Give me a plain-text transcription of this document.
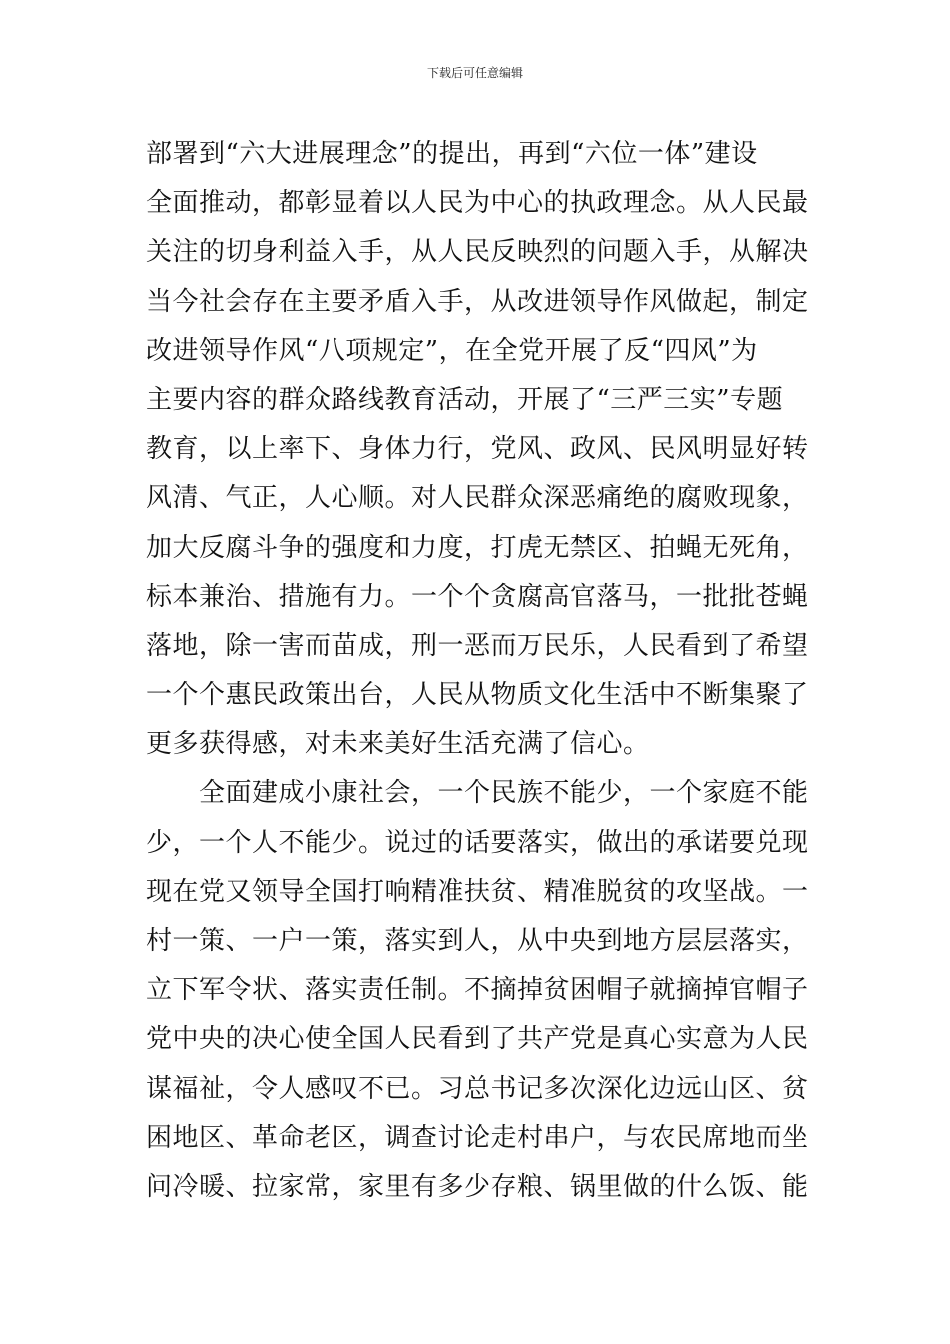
下载后可任意编辑
部署到“六大进展理念”的提出，再到“六位一体”建设
全面推动，都彰显着以人民为中心的执政理念。从人民最
关注的切身利益入手，从人民反映烈的问题入手，从解决
当今社会存在主要矛盾入手，从改进领导作风做起，制定
改进领导作风“八项规定”，在全党开展了反“四风”为
主要内容的群众路线教育活动，开展了“三严三实”专题
教育，以上率下、身体力行，党风、政风、民风明显好转
风清、气正，人心顺。对人民群众深恶痛绝的腐败现象，
加大反腐斗争的强度和力度，打虎无禁区、拍蝇无死角，
标本兼治、措施有力。一个个贪腐高官落马，一批批苍蝇
落地，除一害而苗成，刑一恶而万民乐，人民看到了希望
一个个惠民政策出台，人民从物质文化生活中不断集聚了
更多获得感，对未来美好生活充满了信心。
　　全面建成小康社会，一个民族不能少，一个家庭不能
少，一个人不能少。说过的话要落实，做出的承诺要兑现
现在党又领导全国打响精准扶贫、精准脱贫的攻坚战。一
村一策、一户一策，落实到人，从中央到地方层层落实，
立下军令状、落实责任制。不摘掉贫困帽子就摘掉官帽子
党中央的决心使全国人民看到了共产党是真心实意为人民
谋福祉，令人感叹不已。习总书记多次深化边远山区、贫
困地区、革命老区，调查讨论走村串户，与农民席地而坐
问冷暖、拉家常，家里有多少存粮、锅里做的什么饭、能
